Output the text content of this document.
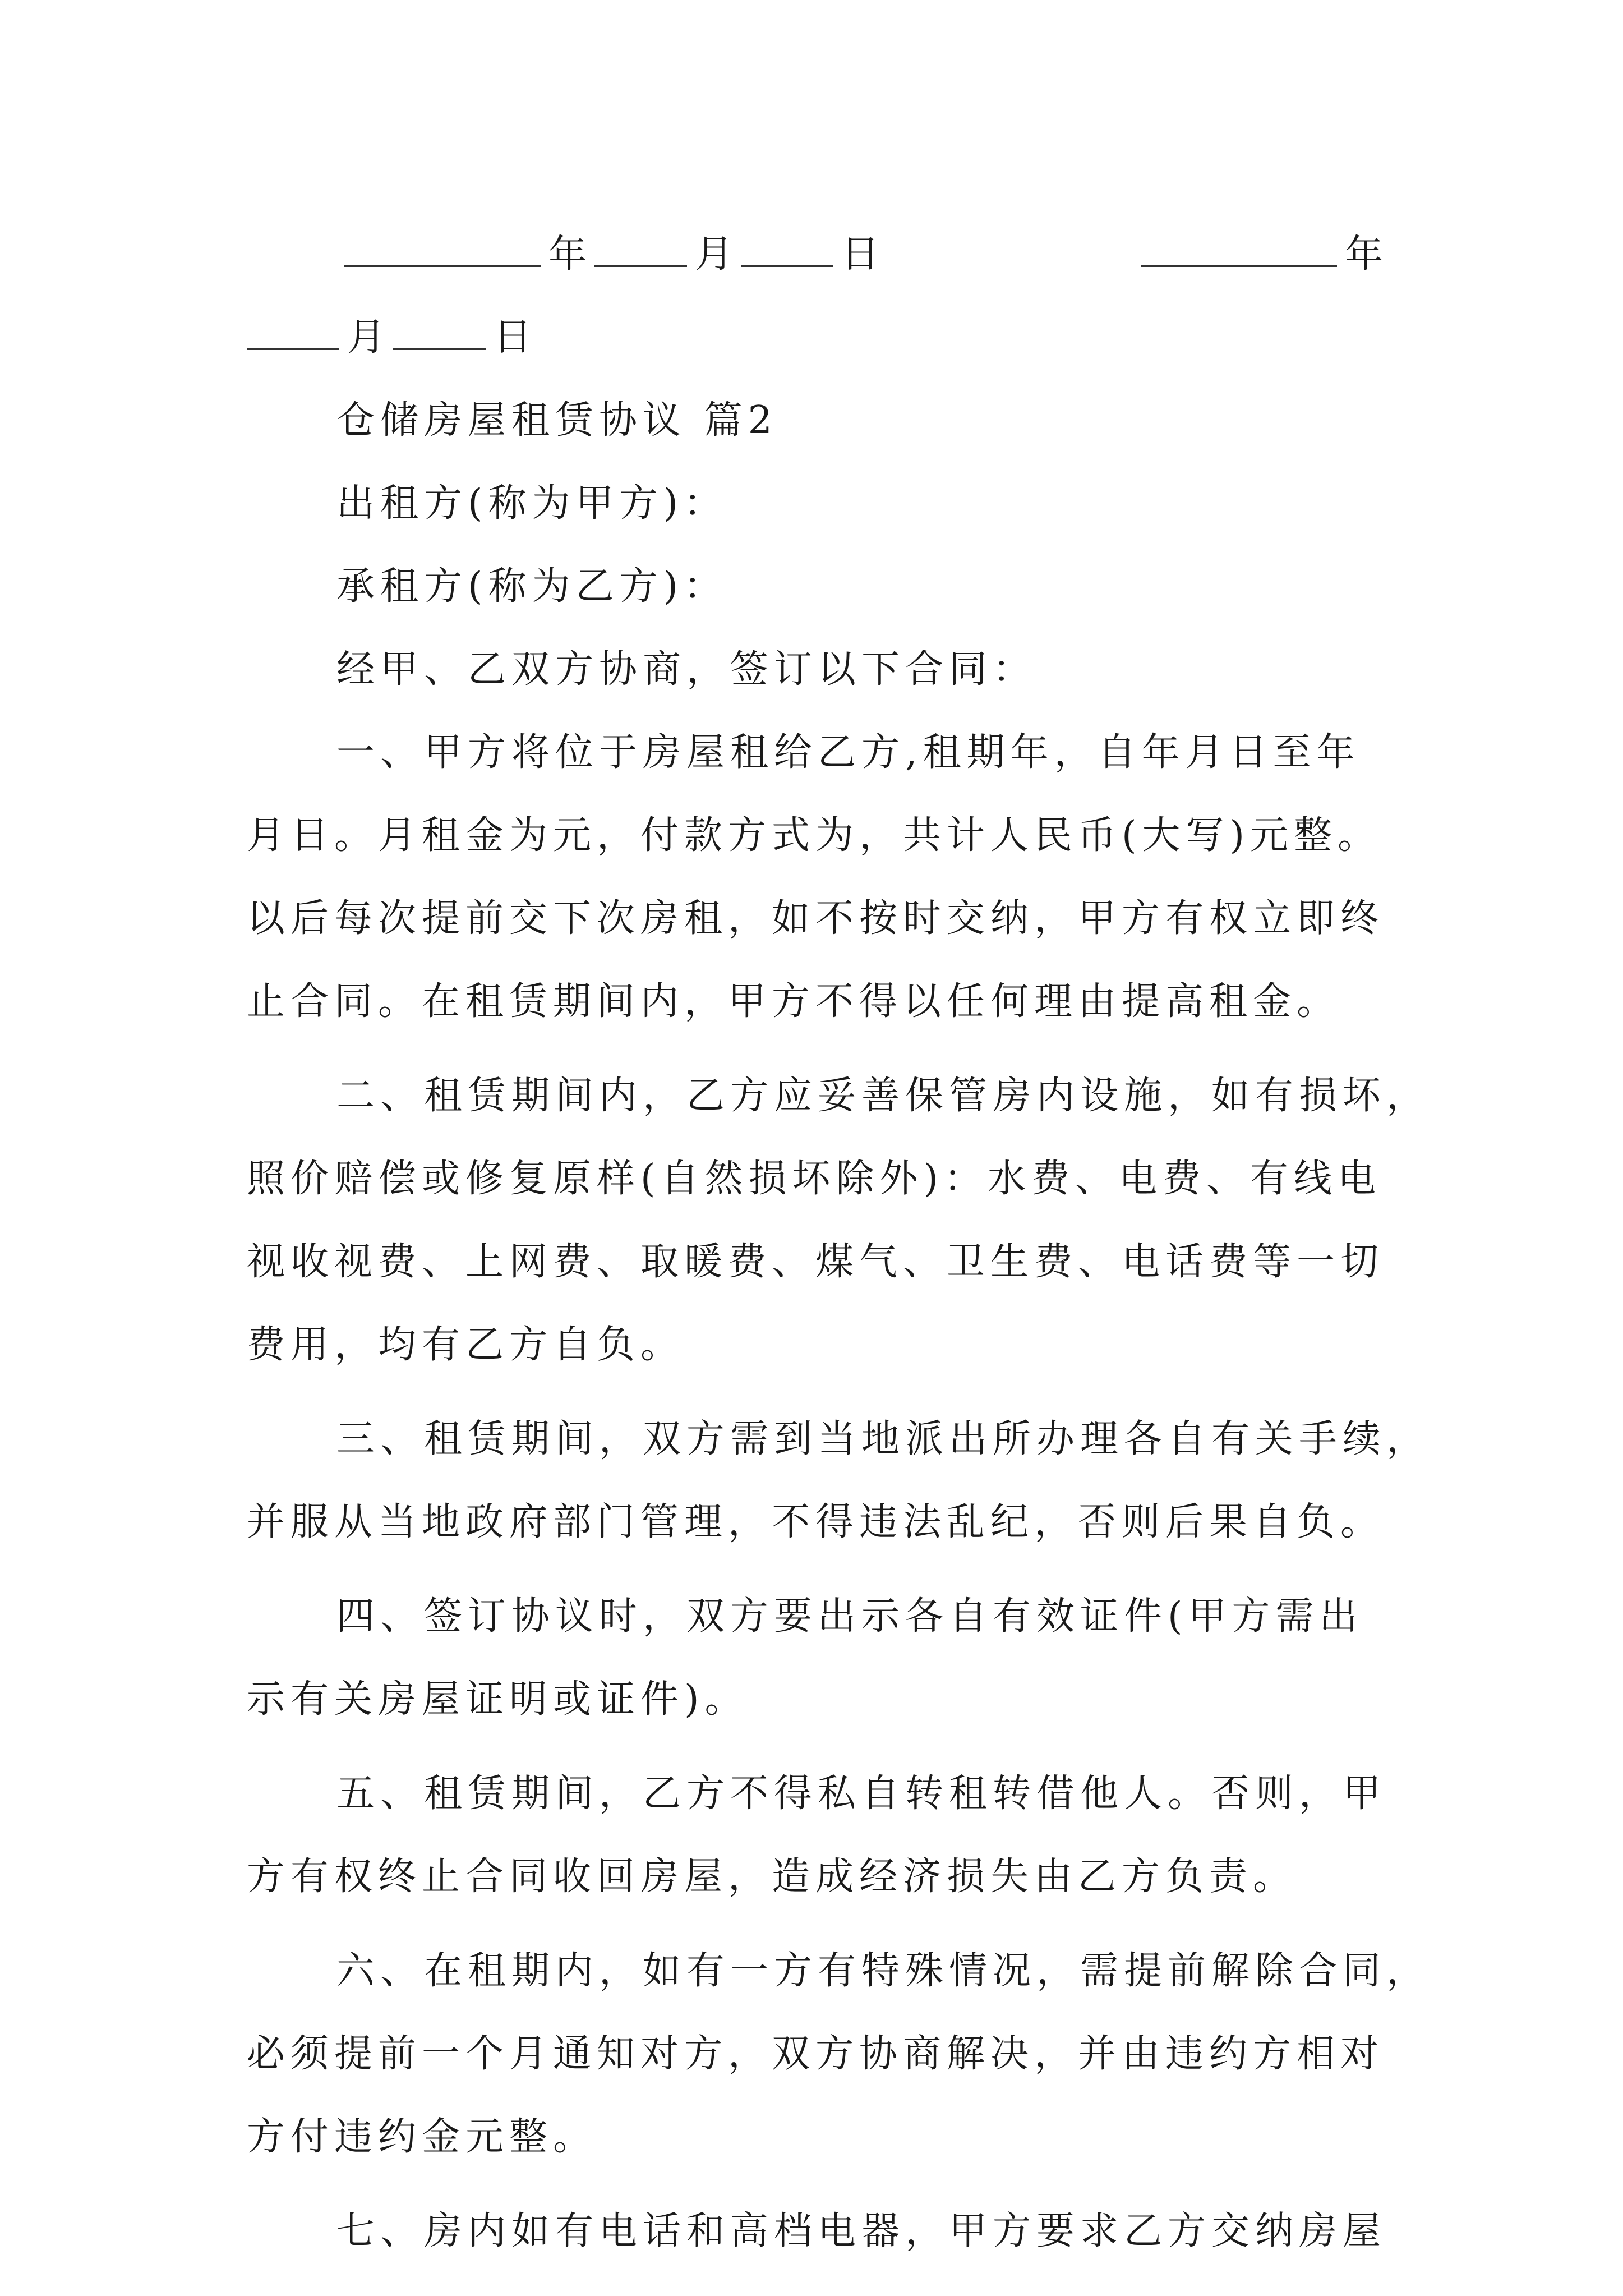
年	月	日	年
月	日
仓储房屋租赁协议 篇2
出租方(称为甲方)：
承租方(称为乙方)：
经甲、乙双方协商，签订以下合同：
一、甲方将位于房屋租给乙方,租期年，自年月日至年
月日。月租金为元，付款方式为，共计人民币(大写)元整。
以后每次提前交下次房租，如不按时交纳，甲方有权立即终
止合同。在租赁期间内，甲方不得以任何理由提高租金。
二、租赁期间内，乙方应妥善保管房内设施，如有损坏，
照价赔偿或修复原样(自然损坏除外)：水费、电费、有线电
视收视费、上网费、取暖费、煤气、卫生费、电话费等一切
费用，均有乙方自负。
三、租赁期间，双方需到当地派出所办理各自有关手续，
并服从当地政府部门管理，不得违法乱纪，否则后果自负。
四、签订协议时，双方要出示各自有效证件(甲方需出
示有关房屋证明或证件)。
五、租赁期间，乙方不得私自转租转借他人。否则，甲
方有权终止合同收回房屋，造成经济损失由乙方负责。
六、在租期内，如有一方有特殊情况，需提前解除合同，
必须提前一个月通知对方，双方协商解决，并由违约方相对
方付违约金元整。
七、房内如有电话和高档电器，甲方要求乙方交纳房屋
